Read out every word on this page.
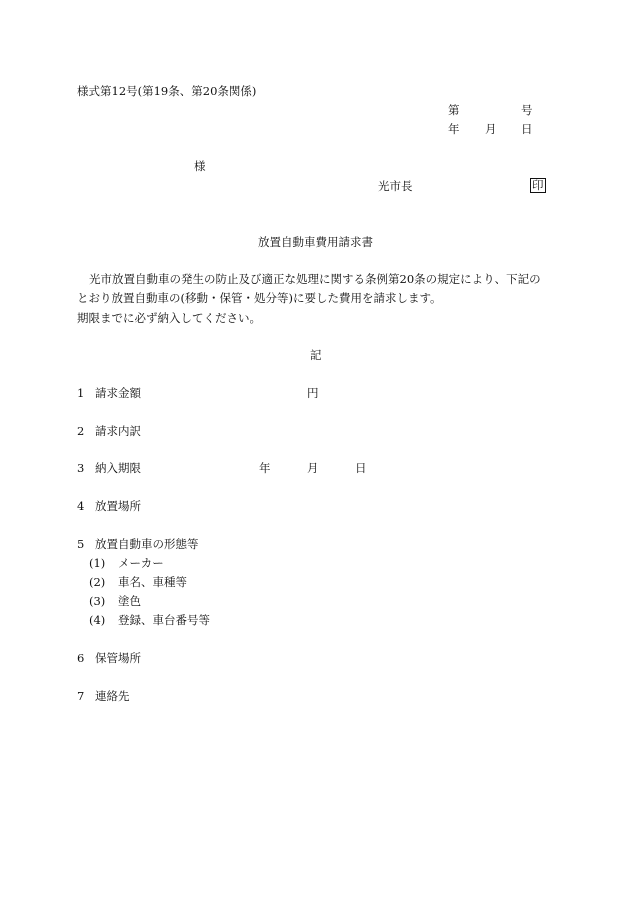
様式第12号(第19条、第20条関係)
第	号
年 月 日
様
光市長	印
放置自動車費用請求書
光市放置自動車の発生の防止及び適正な処理に関する条例第20条の規定により、下記の
とおり放置自動車の(移動・保管・処分等)に要した費用を請求します。
期限までに必ず納入してください。
記
1 請求金額	円
2 請求内訳
3 納入期限	年	月	日
4 放置場所
5 放置自動車の形態等
(1) メーカー
(2) 車名、車種等
(3) 塗色
(4) 登録、車台番号等
6 保管場所
7 連絡先
